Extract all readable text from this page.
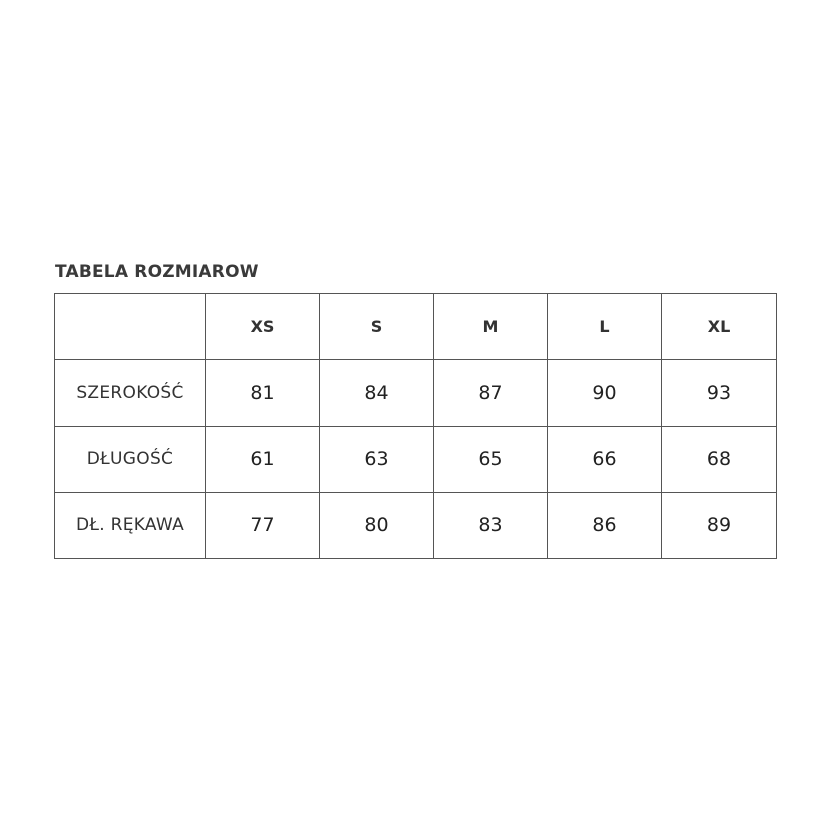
TABELA ROZMIAROW
	XS	S	M	L	XL
SZEROKOŚĆ	81	84	87	90	93
DŁUGOŚĆ	61	63	65	66	68
DŁ. RĘKAWA	77	80	83	86	89
